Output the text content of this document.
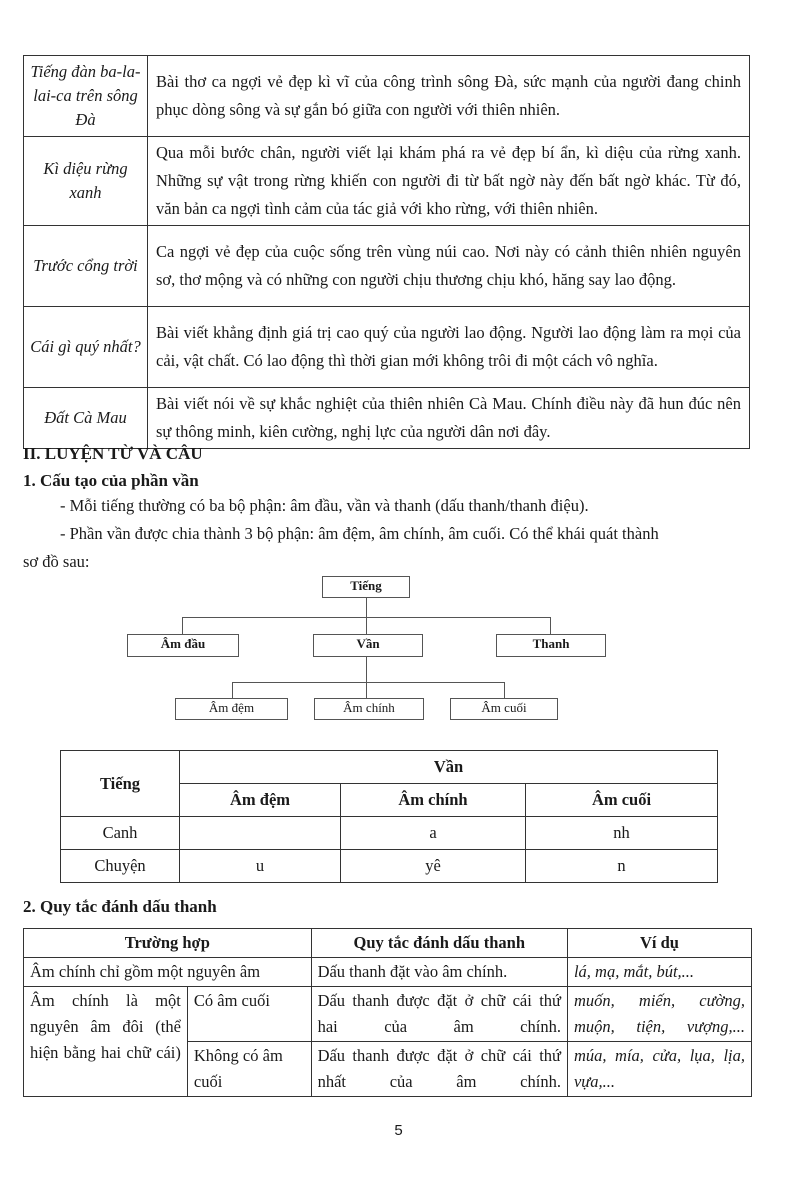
Tiếng đàn ba-la-lai-ca trên sông Đà	Bài thơ ca ngợi vẻ đẹp kì vĩ của công trình sông Đà, sức mạnh của người đang chinh phục dòng sông và sự gắn bó giữa con người với thiên nhiên.
Kì diệu rừng xanh	Qua mỗi bước chân, người viết lại khám phá ra vẻ đẹp bí ẩn, kì diệu của rừng xanh. Những sự vật trong rừng khiến con người đi từ bất ngờ này đến bất ngờ khác. Từ đó, văn bản ca ngợi tình cảm của tác giả với kho rừng, với thiên nhiên.
Trước cổng trời	Ca ngợi vẻ đẹp của cuộc sống trên vùng núi cao. Nơi này có cảnh thiên nhiên nguyên sơ, thơ mộng và có những con người chịu thương chịu khó, hăng say lao động.
Cái gì quý nhất?	Bài viết khẳng định giá trị cao quý của người lao động. Người lao động làm ra mọi của cải, vật chất. Có lao động thì thời gian mới không trôi đi một cách vô nghĩa.
Đất Cà Mau	Bài viết nói về sự khắc nghiệt của thiên nhiên Cà Mau. Chính điều này đã hun đúc nên sự thông minh, kiên cường, nghị lực của người dân nơi đây.
II. LUYỆN TỪ VÀ CÂU
1. Cấu tạo của phần vần
- Mỗi tiếng thường có ba bộ phận: âm đầu, vần và thanh (dấu thanh/thanh điệu).
- Phần vần được chia thành 3 bộ phận: âm đệm, âm chính, âm cuối. Có thể khái quát thành
sơ đồ sau:
Tiếng
Âm đầu	Vần	Thanh
Âm đệm	Âm chính	Âm cuối
Tiếng	Vần		
	Âm đệm	Âm chính	Âm cuối
Canh		a	nh
Chuyện	u	yê	n
2. Quy tắc đánh dấu thanh
Trường hợp		Quy tắc đánh dấu thanh	Ví dụ
Âm chính chỉ gồm một nguyên âm		Dấu thanh đặt vào âm chính.	lá, mạ, mắt, bút,...
Âm chính là một nguyên âm đôi (thể hiện bằng hai chữ cái)	Có âm cuối	Dấu thanh được đặt ở chữ cái thứ hai của âm chính.	muốn, miến, cường, muộn, tiện, vượng,...
	Không có âm cuối	Dấu thanh được đặt ở chữ cái thứ nhất của âm chính.	múa, mía, cửa, lụa, lịa, vựa,...
5
